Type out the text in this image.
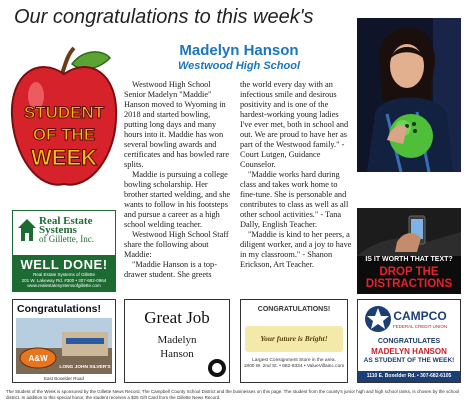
Our congratulations to this week's
STUDENT
OF THE
WEEK
Madelyn Hanson
Westwood High School

Westwood High School Senior Madelyn "Maddie" Hanson moved to Wyoming in 2018 and started bowling, putting long days and many hours into it. Maddie has won several bowling awards and certificates and has bowled rare splits.

Maddie is pursuing a college bowling scholarship. Her brother started welding, and she wants to follow in his footsteps and pursue a career as a high school welding teacher.

Westwood High School Staff share the following about Maddie:

"Maddie Hanson is a top-drawer student. She greets

the world every day with an infectious smile and desirous positivity and is one of the hardest-working young ladies I've ever met, both in school and out. We are proud to have her as part of the Westwood family." - Court Lutgen, Guidance Counselor.

"Maddie works hard during class and takes work home to fine-tune. She is personable and contributes to class as well as all other school activities." - Tana Dally, English Teacher.

"Maddie is kind to her peers, a diligent worker, and a joy to have in my classroom." - Shanon Erickson, Art Teacher.

Real Estate
Systems
of Gillette, Inc.
WELL DONE!
Real Estate Systems of Gillette
201 W. Lakeway Rd. #300 • 307-682-0964
www.realestatesystemsofgillette.com
IS IT WORTH THAT TEXT?
DROP THE
DISTRACTIONS
Congratulations!
A&W
LONG JOHN SILVER'S
East Boxelder Road
Great Job
Madelyn
Hanson
CONGRATULATIONS!
Your future is Bright!
Largest Consignment Store in the area.
1800 W. 2nd St. • 682-8334 • ValueVillainc.com
CAMPCO
FEDERAL CREDIT UNION
CONGRATULATES
MADELYN HANSON
AS STUDENT OF THE WEEK!
1110 E. Boxelder Rd. • 307-682-6105
The Student of the Week is sponsored by the Gillette News Record, The Campbell County School District and the businesses on this page. The student from the county's junior high and high school ranks, is chosen by the school district. In addition to this special honor, the student receives a $25 Gift Card from the Gillette News Record.
